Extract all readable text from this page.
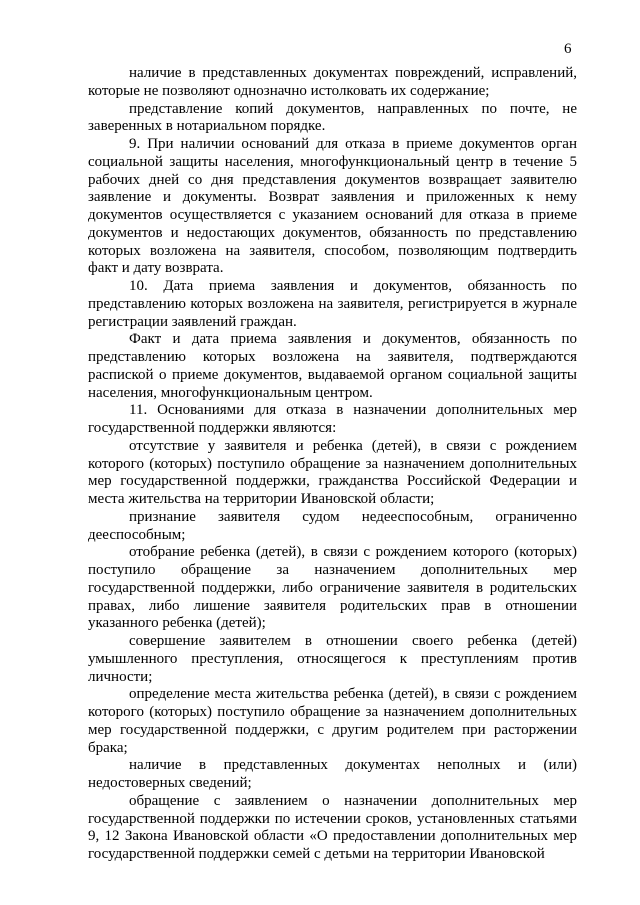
6

наличие в представленных документах повреждений, исправлений, которые не позволяют однозначно истолковать их содержание;

представление копий документов, направленных по почте, не заверенных в нотариальном порядке.

9. При наличии оснований для отказа в приеме документов орган социальной защиты населения, многофункциональный центр в течение 5 рабочих дней со дня представления документов возвращает заявителю заявление и документы. Возврат заявления и приложенных к нему документов осуществляется с указанием оснований для отказа в приеме документов и недостающих документов, обязанность по представлению которых возложена на заявителя, способом, позволяющим подтвердить факт и дату возврата.

10. Дата приема заявления и документов, обязанность по представлению которых возложена на заявителя, регистрируется в журнале регистрации заявлений граждан.

Факт и дата приема заявления и документов, обязанность по представлению которых возложена на заявителя, подтверждаются распиской о приеме документов, выдаваемой органом социальной защиты населения, многофункциональным центром.

11. Основаниями для отказа в назначении дополнительных мер государственной поддержки являются:

отсутствие у заявителя и ребенка (детей), в связи с рождением которого (которых) поступило обращение за назначением дополнительных мер государственной поддержки, гражданства Российской Федерации и места жительства на территории Ивановской области;

признание заявителя судом недееспособным, ограниченно дееспособным;

отобрание ребенка (детей), в связи с рождением которого (которых) поступило обращение за назначением дополнительных мер государственной поддержки, либо ограничение заявителя в родительских правах, либо лишение заявителя родительских прав в отношении указанного ребенка (детей);

совершение заявителем в отношении своего ребенка (детей) умышленного преступления, относящегося к преступлениям против личности;

определение места жительства ребенка (детей), в связи с рождением которого (которых) поступило обращение за назначением дополнительных мер государственной поддержки, с другим родителем при расторжении брака;

наличие в представленных документах неполных и (или) недостоверных сведений;

обращение с заявлением о назначении дополнительных мер государственной поддержки по истечении сроков, установленных статьями 9, 12 Закона Ивановской области «О предоставлении дополнительных мер государственной поддержки семей с детьми на территории Ивановской
